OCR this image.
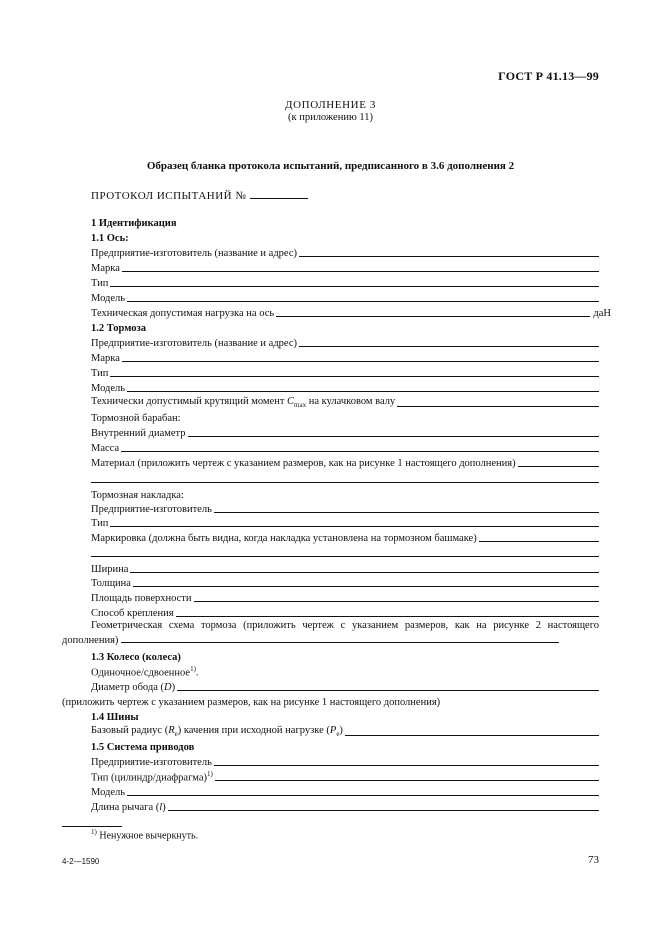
ГОСТ Р 41.13—99
ДОПОЛНЕНИЕ 3
(к приложению 11)
Образец бланка протокола испытаний, предписанного в 3.6 дополнения 2
ПРОТОКОЛ ИСПЫТАНИЙ №
1 Идентификация
1.1 Ось:
Предприятие-изготовитель (название и адрес)
Марка
Тип
Модель
Техническая допустимая нагрузка на ось	даН
1.2 Тормоза
Предприятие-изготовитель (название и адрес)
Марка
Тип
Модель
Технически допустимый крутящий момент $C_{max}$ на кулачковом валу
Тормозной барабан:
Внутренний диаметр
Масса
Материал (приложить чертеж с указанием размеров, как на рисунке 1 настоящего дополнения)
Тормозная накладка:
Предприятие-изготовитель
Тип
Маркировка (должна быть видна, когда накладка установлена на тормозном башмаке)
Ширина
Толщина
Площадь поверхности
Способ крепления
Геометрическая схема тормоза (приложить чертеж с указанием размеров, как на рисунке 2 настоящего дополнения)
1.3 Колесо (колеса)
Одиночное/сдвоенное$^{1)}$.
Диаметр обода (D)
(приложить чертеж с указанием размеров, как на рисунке 1 настоящего дополнения)
1.4 Шины
Базовый радиус $(R_e)$ качения при исходной нагрузке $(P_e)$
1.5 Система приводов
Предприятие-изготовитель
Тип (цилиндр/диафрагма)$^{1)}$
Модель
Длина рычага (l)
$^{1)}$ Ненужное вычеркнуть.
4-2—1590	73
